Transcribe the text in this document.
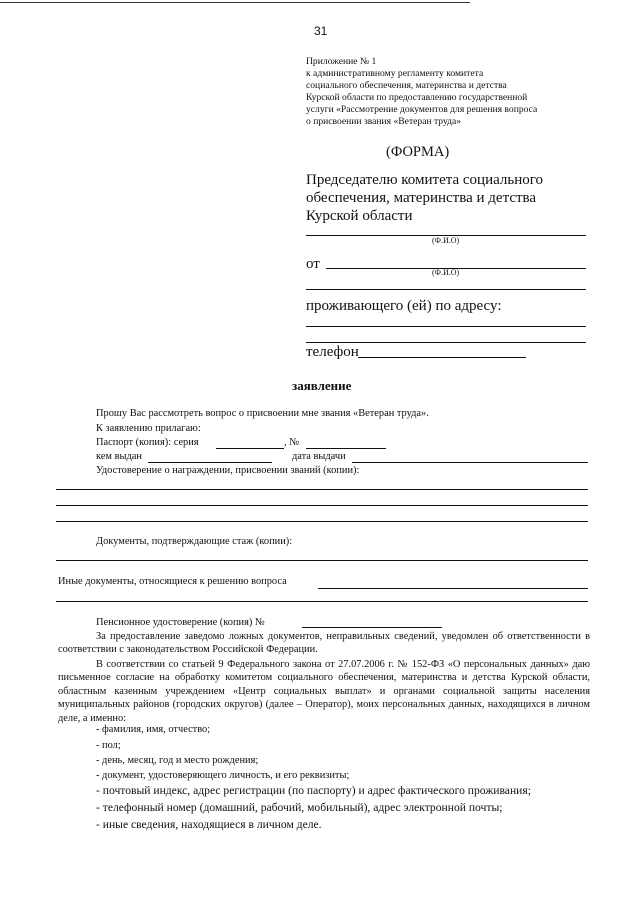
31
Приложение № 1
к административному регламенту комитета
социального обеспечения, материнства и детства
Курской области по предоставлению государственной
услуги «Рассмотрение документов для решения вопроса
о присвоении звания «Ветеран труда»
(ФОРМА)
Председателю комитета социального
обеспечения, материнства и детства
Курской области
(Ф.И.О)
от
(Ф.И.О)
проживающего (ей) по адресу:
телефон
заявление
Прошу Вас рассмотреть вопрос о присвоении мне звания «Ветеран труда».
К заявлению прилагаю:
Паспорт (копия): серия	, №
кем выдан	дата выдачи
Удостоверение о награждении, присвоении званий (копии):
Документы, подтверждающие стаж (копии):
Иные документы, относящиеся к решению вопроса
Пенсионное удостоверение (копия) №
За предоставление заведомо ложных документов, неправильных сведений, уведомлен об ответственности в соответствии с законодательством Российской Федерации.
В соответствии со статьей 9 Федерального закона от 27.07.2006 г. № 152-ФЗ «О персональных данных» даю письменное согласие на обработку комитетом социального обеспечения, материнства и детства Курской области, областным казенным учреждением «Центр социальных выплат» и органами социальной защиты населения муниципальных районов (городских округов) (далее – Оператор), моих персональных данных, находящихся в личном деле, а именно:
- фамилия, имя, отчество;
- пол;
- день, месяц, год и место рождения;
- документ, удостоверяющего личность, и его реквизиты;
- почтовый индекс, адрес регистрации (по паспорту) и адрес фактического проживания;
- телефонный номер (домашний, рабочий, мобильный), адрес электронной почты;
- иные сведения, находящиеся в личном деле.
